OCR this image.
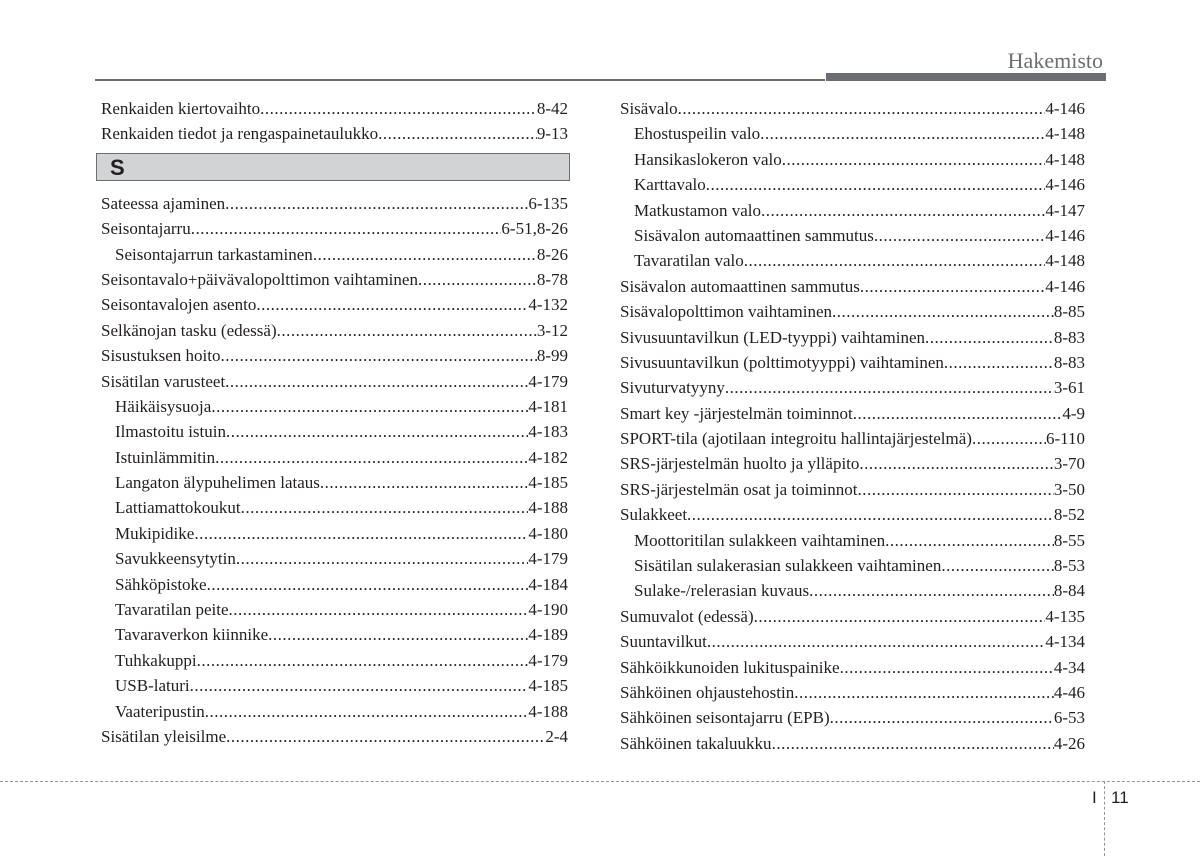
Hakemisto
Renkaiden kiertovaihto .....	8-42
Renkaiden tiedot ja rengaspainetaulukko .....	9-13
S
Sateessa ajaminen .....	6-135
Seisontajarru .....	6-51,8-26
Seisontajarrun tarkastaminen .....	8-26
Seisontavalo+päivävalopolttimon vaihtaminen .....	8-78
Seisontavalojen asento .....	4-132
Selkänojan tasku (edessä) .....	3-12
Sisustuksen hoito .....	8-99
Sisätilan varusteet .....	4-179
Häikäisysuoja .....	4-181
Ilmastoitu istuin .....	4-183
Istuinlämmitin .....	4-182
Langaton älypuhelimen lataus .....	4-185
Lattiamattokoukut .....	4-188
Mukipidike .....	4-180
Savukkeensytytin .....	4-179
Sähköpistoke .....	4-184
Tavaratilan peite .....	4-190
Tavaraverkon kiinnike .....	4-189
Tuhkakuppi .....	4-179
USB-laturi .....	4-185
Vaateripustin .....	4-188
Sisätilan yleisilme .....	2-4
Sisävalo .....	4-146
Ehostuspeilin valo .....	4-148
Hansikaslokeron valo .....	4-148
Karttavalo .....	4-146
Matkustamon valo .....	4-147
Sisävalon automaattinen sammutus .....	4-146
Tavaratilan valo .....	4-148
Sisävalon automaattinen sammutus .....	4-146
Sisävalopolttimon vaihtaminen .....	8-85
Sivusuuntavilkun (LED-tyyppi) vaihtaminen .....	8-83
Sivusuuntavilkun (polttimotyyppi) vaihtaminen .....	8-83
Sivuturvatyyny .....	3-61
Smart key -järjestelmän toiminnot .....	4-9
SPORT-tila (ajotilaan integroitu hallintajärjestelmä) .....	6-110
SRS-järjestelmän huolto ja ylläpito .....	3-70
SRS-järjestelmän osat ja toiminnot .....	3-50
Sulakkeet .....	8-52
Moottoritilan sulakkeen vaihtaminen .....	8-55
Sisätilan sulakerasian sulakkeen vaihtaminen .....	8-53
Sulake-/relerasian kuvaus .....	8-84
Sumuvalot (edessä) .....	4-135
Suuntavilkut .....	4-134
Sähköikkunoiden lukituspainike .....	4-34
Sähköinen ohjaustehostin .....	4-46
Sähköinen seisontajarru (EPB) .....	6-53
Sähköinen takaluukku .....	4-26
I 11
